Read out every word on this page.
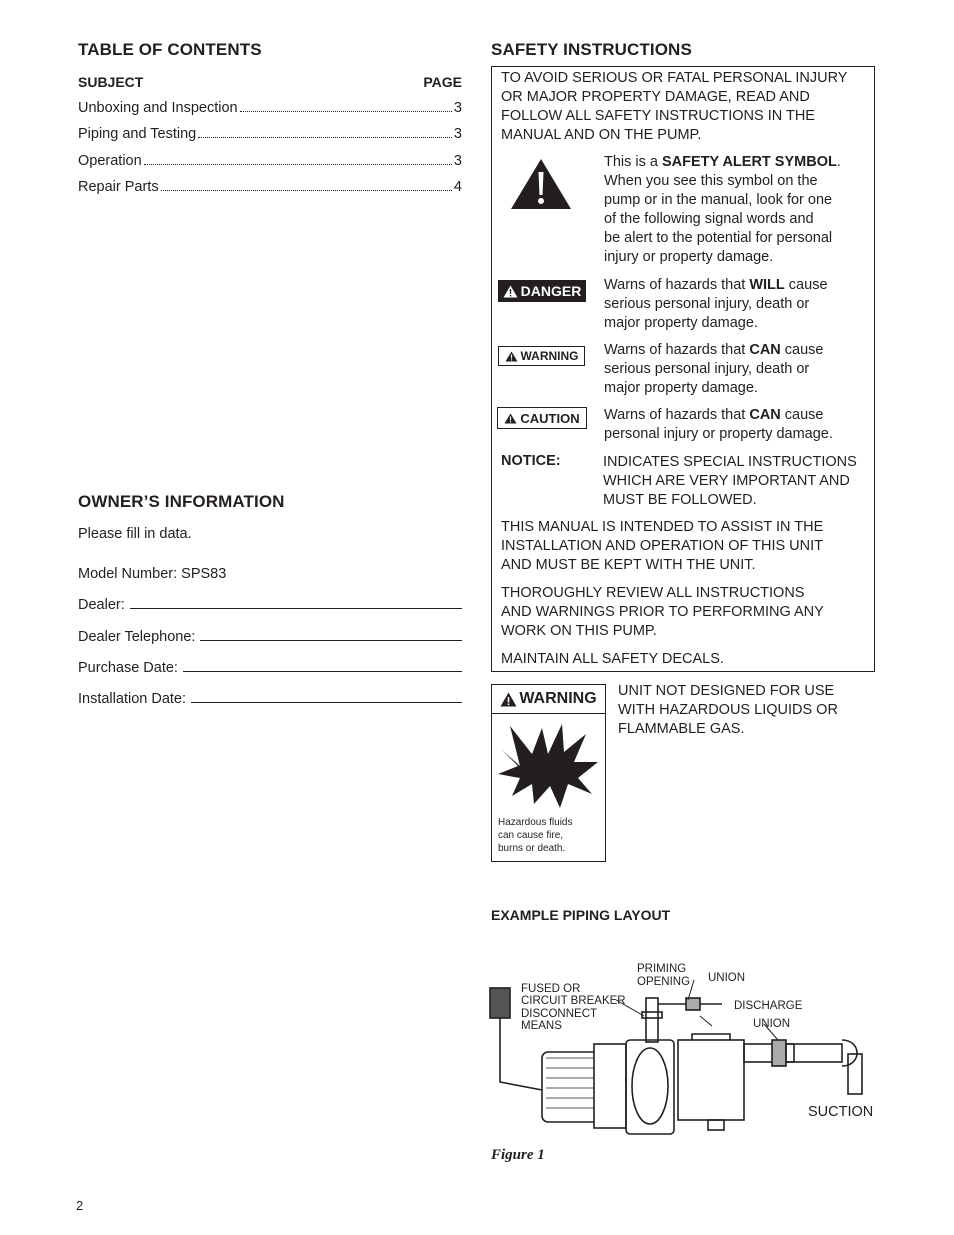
TABLE OF CONTENTS
SUBJECT	PAGE
Unboxing and Inspection	3
Piping and Testing	3
Operation	3
Repair Parts	4
OWNER’S INFORMATION
Please fill in data.
Model Number: SPS83
Dealer:
Dealer Telephone:
Purchase Date:
Installation Date:
2
SAFETY INSTRUCTIONS
TO AVOID SERIOUS OR FATAL PERSONAL INJURY
OR MAJOR PROPERTY DAMAGE, READ AND
FOLLOW ALL SAFETY INSTRUCTIONS IN THE
MANUAL AND ON THE PUMP.
This is a SAFETY ALERT SYMBOL.
When you see this symbol on the
pump or in the manual, look for one
of the following signal words and
be alert to the potential for personal
injury or property damage.
DANGER Warns of hazards that WILL cause
serious personal injury, death or
major property damage.
WARNING Warns of hazards that CAN cause
serious personal injury, death or
major property damage.
CAUTION Warns of hazards that CAN cause
personal injury or property damage.
NOTICE:	INDICATES SPECIAL INSTRUCTIONS
WHICH ARE VERY IMPORTANT AND
MUST BE FOLLOWED.
THIS MANUAL IS INTENDED TO ASSIST IN THE
INSTALLATION AND OPERATION OF THIS UNIT
AND MUST BE KEPT WITH THE UNIT.
THOROUGHLY REVIEW ALL INSTRUCTIONS
AND WARNINGS PRIOR TO PERFORMING ANY
WORK ON THIS PUMP.
MAINTAIN ALL SAFETY DECALS.
WARNING
Hazardous fluids
can cause fire,
burns or death.
UNIT NOT DESIGNED FOR USE
WITH HAZARDOUS LIQUIDS OR
FLAMMABLE GAS.
EXAMPLE PIPING LAYOUT
FUSED OR
CIRCUIT BREAKER
DISCONNECT
MEANS
PRIMING
OPENING UNION
DISCHARGE
UNION
SUCTION
Figure 1
